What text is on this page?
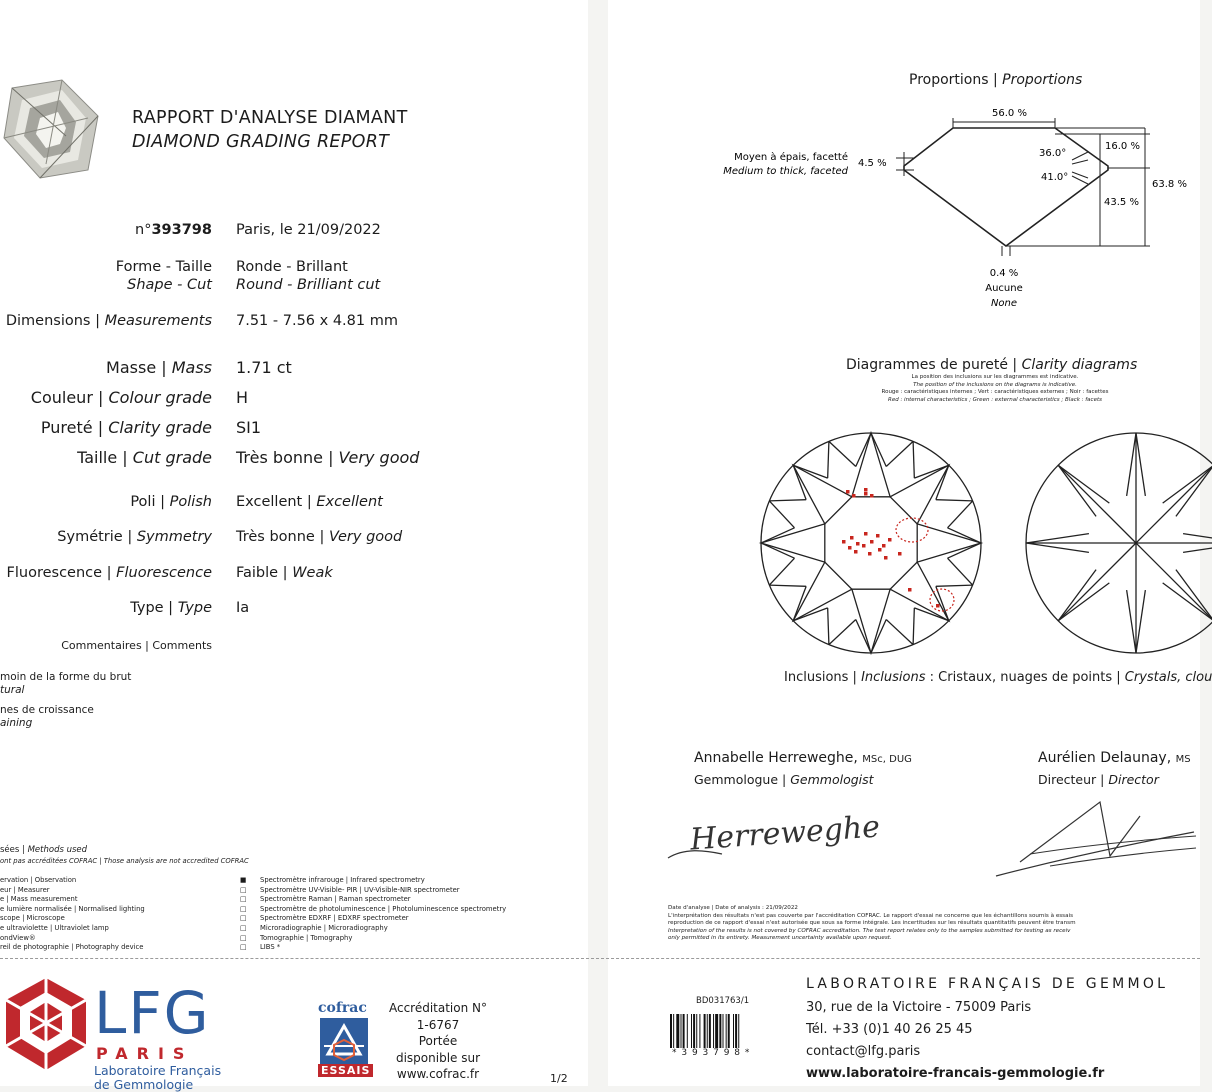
RAPPORT D'ANALYSE DIAMANT
DIAMOND GRADING REPORT
n°393798 Paris, le 21/09/2022
Forme - Taille
Shape - Cut
Ronde - Brillant
Round - Brilliant cut
Dimensions | Measurements 7.51 - 7.56 x 4.81 mm
Masse | Mass 1.71 ct
Couleur | Colour grade H
Pureté | Clarity grade SI1
Taille | Cut grade Très bonne | Very good
Poli | Polish Excellent | Excellent
Symétrie | Symmetry Très bonne | Very good
Fluorescence | Fluorescence Faible | Weak
Type | Type Ia
Commentaires | Comments
moin de la forme du brut
tural
nes de croissance
aining
sées | Methods used
ont pas accréditées COFRAC | Those analysis are not accredited COFRAC
ervation | Observation
eur | Measurer
e | Mass measurement
e lumière normalisée | Normalised lighting
scope | Microscope
e ultraviolette | Ultraviolet lamp
ondView®
reil de photographie | Photography device
■ Spectromètre infrarouge | Infrared spectrometry
□ Spectromètre UV-Visible- PIR | UV-Visible-NIR spectrometer
□ Spectromètre Raman | Raman spectrometer
□ Spectromètre de photoluminescence | Photoluminescence spectrometry
□ Spectromètre EDXRF | EDXRF spectrometer
□ Microradiographie | Microradiography
□ Tomographie | Tomography
□ LIBS *
LFG
PARIS
Laboratoire Français
de Gemmologie
cofrac
ESSAIS
Accréditation N°
1-6767
Portée
disponible sur
www.cofrac.fr	1/2
Proportions | Proportions
56.0 %
16.0 %
63.8 %
43.5 %
36.0°
41.0°
4.5 %
Moyen à épais, facetté
Medium to thick, faceted
0.4 %
Aucune
None
Diagrammes de pureté | Clarity diagrams
La position des inclusions sur les diagrammes est indicative.
The position of the inclusions on the diagrams is indicative.
Rouge : caractéristiques internes ; Vert : caractéristiques externes ; Noir : facettes
Red : internal characteristics ; Green : external characteristics ; Black : facets
Inclusions | Inclusions : Cristaux, nuages de points | Crystals, clou
Annabelle Herreweghe, MSc, DUG
Gemmologue | Gemmologist
Herreweghe
Aurélien Delaunay, MS
Directeur | Director
Date d'analyse | Date of analysis : 21/09/2022
L'interprétation des résultats n'est pas couverte par l'accréditation COFRAC. Le rapport d'essai ne concerne que les échantillons soumis à essais
reproduction de ce rapport d'essai n'est autorisée que sous sa forme intégrale. Les incertitudes sur les résultats quantitatifs peuvent être transm
Interpretation of the results is not covered by COFRAC accreditation. The test report relates only to the samples submitted for testing as receiv
only permitted in its entirety. Measurement uncertainty available upon request.
BD031763/1
* 3 9 3 7 9 8 *
LABORATOIRE FRANÇAIS DE GEMMOL
30, rue de la Victoire - 75009 Paris
Tél. +33 (0)1 40 26 25 45
contact@lfg.paris
www.laboratoire-francais-gemmologie.fr
